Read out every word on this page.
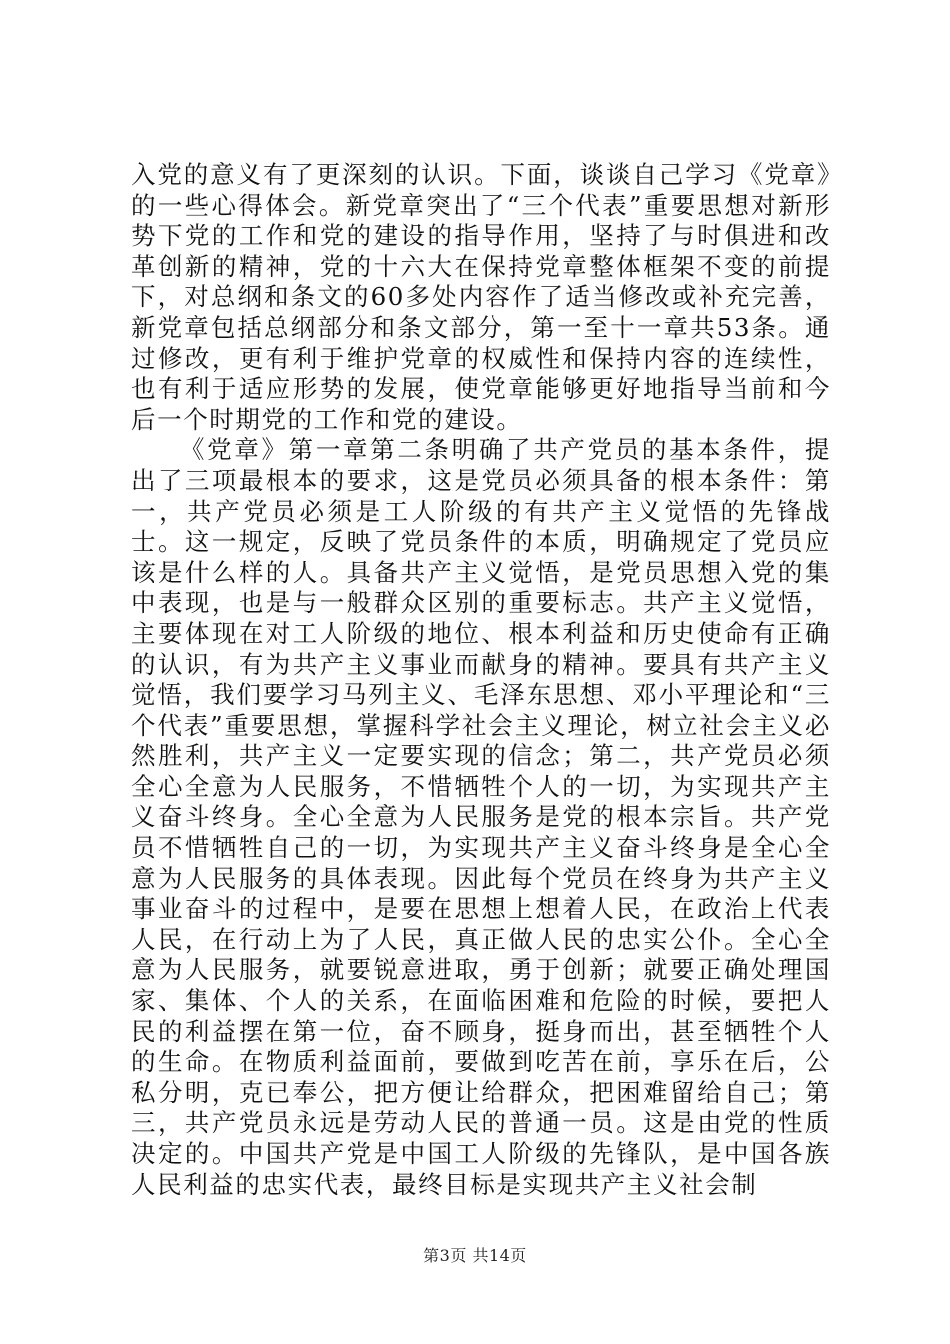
入党的意义有了更深刻的认识。下面，谈谈自己学习《党章》的一些心得体会。新党章突出了“三个代表”重要思想对新形势下党的工作和党的建设的指导作用，坚持了与时俱进和改革创新的精神，党的十六大在保持党章整体框架不变的前提下，对总纲和条文的60多处内容作了适当修改或补充完善，新党章包括总纲部分和条文部分，第一至十一章共53条。通过修改，更有利于维护党章的权威性和保持内容的连续性，也有利于适应形势的发展，使党章能够更好地指导当前和今后一个时期党的工作和党的建设。

《党章》第一章第二条明确了共产党员的基本条件，提出了三项最根本的要求，这是党员必须具备的根本条件：第一，共产党员必须是工人阶级的有共产主义觉悟的先锋战士。这一规定，反映了党员条件的本质，明确规定了党员应该是什么样的人。具备共产主义觉悟，是党员思想入党的集中表现，也是与一般群众区别的重要标志。共产主义觉悟，主要体现在对工人阶级的地位、根本利益和历史使命有正确的认识，有为共产主义事业而献身的精神。要具有共产主义觉悟，我们要学习马列主义、毛泽东思想、邓小平理论和“三个代表”重要思想，掌握科学社会主义理论，树立社会主义必然胜利，共产主义一定要实现的信念；第二，共产党员必须全心全意为人民服务，不惜牺牲个人的一切，为实现共产主义奋斗终身。全心全意为人民服务是党的根本宗旨。共产党员不惜牺牲自己的一切，为实现共产主义奋斗终身是全心全意为人民服务的具体表现。因此每个党员在终身为共产主义事业奋斗的过程中，是要在思想上想着人民，在政治上代表人民，在行动上为了人民，真正做人民的忠实公仆。全心全意为人民服务，就要锐意进取，勇于创新；就要正确处理国家、集体、个人的关系，在面临困难和危险的时候，要把人民的利益摆在第一位，奋不顾身，挺身而出，甚至牺牲个人的生命。在物质利益面前，要做到吃苦在前，享乐在后，公私分明，克已奉公，把方便让给群众，把困难留给自己；第三，共产党员永远是劳动人民的普通一员。这是由党的性质决定的。中国共产党是中国工人阶级的先锋队，是中国各族人民利益的忠实代表，最终目标是实现共产主义社会制

第3页 共14页
